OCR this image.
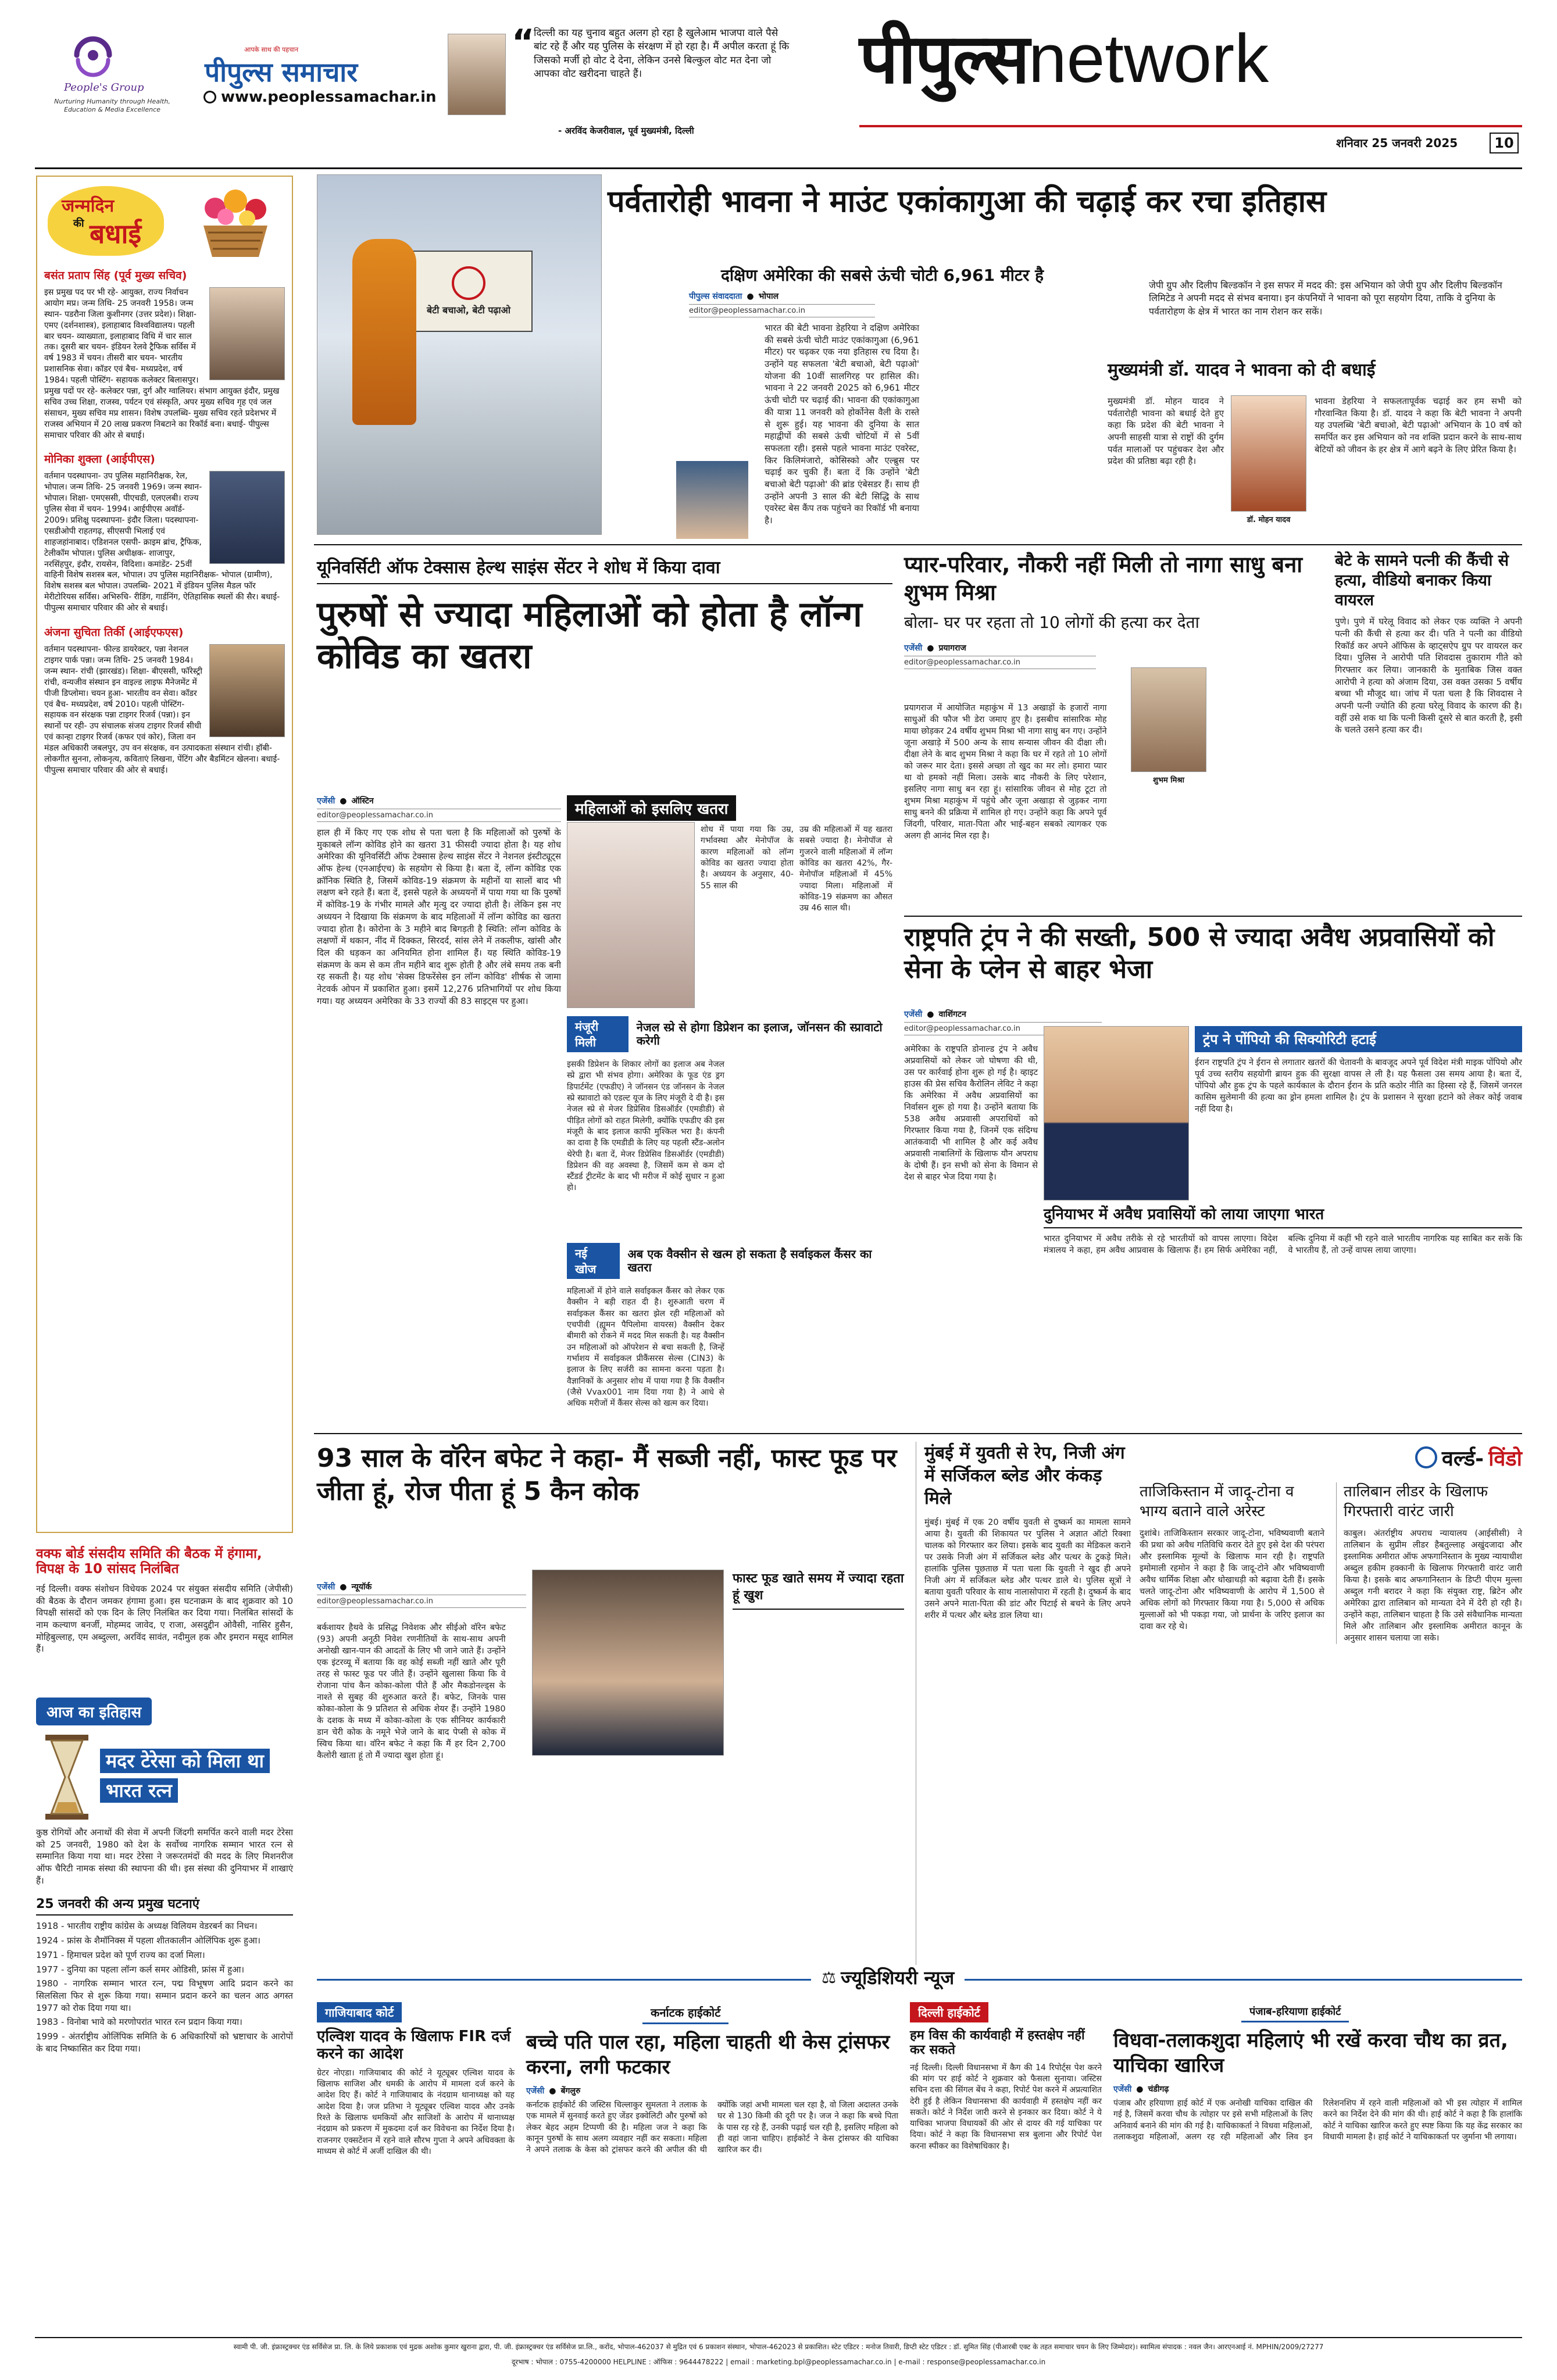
People's Group
Nurturing Humanity through Health, Education & Media Excellence
आपके साथ की पहचान
पीपुल्स समाचार
www.peoplessamachar.in
“
दिल्ली का यह चुनाव बहुत अलग हो रहा है खुलेआम भाजपा वाले पैसे बांट रहे हैं और यह पुलिस के संरक्षण में हो रहा है। मैं अपील करता हूं कि जिसको मर्जी हो वोट दे देना, लेकिन उनसे बिल्कुल वोट मत देना जो आपका वोट खरीदना चाहते हैं।
- अरविंद केजरीवाल, पूर्व मुख्यमंत्री, दिल्ली
पीपुल्स network
शनिवार 25 जनवरी 2025	10
जन्मदिन
की बधाई
बसंत प्रताप सिंह (पूर्व मुख्य सचिव)
इस प्रमुख पद पर भी रहे- आयुक्त, राज्य निर्वाचन आयोग मप्र। जन्म तिथि- 25 जनवरी 1958। जन्म स्थान- पडरौना जिला कुशीनगर (उत्तर प्रदेश)। शिक्षा- एमए (दर्शनशास्त्र), इलाहाबाद विश्वविद्यालय। पहली बार चयन- व्याख्याता, इलाहाबाद विधि में चार साल तक। दूसरी बार चयन- इंडियन रेलवे ट्रैफिक सर्विस में वर्ष 1983 में चयन। तीसरी बार चयन- भारतीय प्रशासनिक सेवा। कॉडर एवं बैच- मध्यप्रदेश, वर्ष 1984। पहली पोस्टिंग- सहायक कलेक्टर बिलासपुर। प्रमुख पदों पर रहे- कलेक्टर पन्ना, दुर्ग और ग्वालियर। संभाग आयुक्त इंदौर, प्रमुख सचिव उच्च शिक्षा, राजस्व, पर्यटन एवं संस्कृति, अपर मुख्य सचिव गृह एवं जल संसाधन, मुख्य सचिव मप्र शासन। विशेष उपलब्धि- मुख्य सचिव रहते प्रदेशभर में राजस्व अभियान में 20 लाख प्रकरण निबटाने का रिकॉर्ड बना। बधाई- पीपुल्स समाचार परिवार की ओर से बधाई।
मोनिका शुक्ला (आईपीएस)
वर्तमान पदस्थापना- उप पुलिस महानिरीक्षक, रेल, भोपाल। जन्म तिथि- 25 जनवरी 1969। जन्म स्थान- भोपाल। शिक्षा- एमएससी, पीएचडी, एलएलबी। राज्य पुलिस सेवा में चयन- 1994। आईपीएस अवॉर्ड- 2009। प्रशिक्षु पदस्थापना- इंदौर जिला। पदस्थापना- एसडीओपी राहतगढ़, सीएसपी भिलाई एवं शाहजहांनाबाद। एडिशनल एसपी- क्राइम ब्रांच, ट्रैफिक, टेलीकॉम भोपाल। पुलिस अधीक्षक- शाजापुर, नरसिंहपुर, इंदौर, रायसेन, विदिशा। कमांडेंट- 25वीं वाहिनी विशेष सशस्त्र बल, भोपाल। उप पुलिस महानिरीक्षक- भोपाल (ग्रामीण), विशेष सशस्त्र बल भोपाल। उपलब्धि- 2021 में इंडियन पुलिस मैडल फॉर मेरीटोरियस सर्विस। अभिरुचि- रीडिंग, गार्डनिंग, ऐतिहासिक स्थलों की सैर। बधाई- पीपुल्स समाचार परिवार की ओर से बधाई।
अंजना सुचिता तिर्की (आईएफएस)
वर्तमान पदस्थापना- फील्ड डायरेक्टर, पन्ना नेशनल टाइगर पार्क पन्ना। जन्म तिथि- 25 जनवरी 1984। जन्म स्थान- रांची (झारखंड)। शिक्षा- बीएससी, फॉरेस्ट्री रांची, वन्यजीव संस्थान इन वाइल्ड लाइफ मैनेजमेंट में पीजी डिप्लोमा। चयन हुआ- भारतीय वन सेवा। कॉडर एवं बैच- मध्यप्रदेश, वर्ष 2010। पहली पोस्टिंग- सहायक वन संरक्षक पन्ना टाइगर रिजर्व (पन्ना)। इन स्थानों पर रही- उप संचालक संजय टाइगर रिजर्व सीधी एवं कान्हा टाइगर रिजर्व (कफर एवं कोर), जिला वन मंडल अधिकारी जबलपुर, उप वन संरक्षक, वन उत्पादकता संस्थान रांची। हॉबी- लोकगीत सुनना, लोकनृत्य, कविताएं लिखना, पेंटिंग और बैडमिंटन खेलना। बधाई- पीपुल्स समाचार परिवार की ओर से बधाई।
वक्फ बोर्ड संसदीय समिति की बैठक में हंगामा, विपक्ष के 10 सांसद निलंबित
नई दिल्ली। वक्फ संशोधन विधेयक 2024 पर संयुक्त संसदीय समिति (जेपीसी) की बैठक के दौरान जमकर हंगामा हुआ। इस घटनाक्रम के बाद शुक्रवार को 10 विपक्षी सांसदों को एक दिन के लिए निलंबित कर दिया गया। निलंबित सांसदों के नाम कल्याण बनर्जी, मोहम्मद जावेद, ए राजा, असदुद्दीन ओवैसी, नासिर हुसैन, मोहिबुल्लाह, एम अब्दुल्ला, अरविंद सावंत, नदीमुल हक और इमरान मसूद शामिल हैं।
आज का इतिहास
मदर टेरेसा को मिला था भारत रत्न
कुष्ठ रोगियों और अनाथों की सेवा में अपनी जिंदगी समर्पित करने वाली मदर टेरेसा को 25 जनवरी, 1980 को देश के सर्वोच्च नागरिक सम्मान भारत रत्न से सम्मानित किया गया था। मदर टेरेसा ने जरूरतमंदों की मदद के लिए मिशनरीज ऑफ चैरिटी नामक संस्था की स्थापना की थी। इस संस्था की दुनियाभर में शाखाएं हैं।
25 जनवरी की अन्य प्रमुख घटनाएं
1918 - भारतीय राष्ट्रीय कांग्रेस के अध्यक्ष विलियम वेडरबर्न का निधन।
1924 - फ्रांस के शैमॉनिक्स में पहला शीतकालीन ओलिंपिक शुरू हुआ।
1971 - हिमाचल प्रदेश को पूर्ण राज्य का दर्जा मिला।
1977 - दुनिया का पहला लॉन्ग कर्ल समर ओडिसी, फ्रांस में हुआ।
1980 - नागरिक सम्मान भारत रत्न, पद्म विभूषण आदि प्रदान करने का सिलसिला फिर से शुरू किया गया। सम्मान प्रदान करने का चलन आठ अगस्त 1977 को रोक दिया गया था।
1983 - विनोबा भावे को मरणोपरांत भारत रत्न प्रदान किया गया।
1999 - अंतर्राष्ट्रीय ओलिंपिक समिति के 6 अधिकारियों को भ्रष्टाचार के आरोपों के बाद निष्कासित कर दिया गया।
पर्वतारोही भावना ने माउंट एकांकागुआ की चढ़ाई कर रचा इतिहास
बेटी बचाओ, बेटी पढ़ाओ
दक्षिण अमेरिका की सबसे ऊंची चोटी 6,961 मीटर है
पीपुल्स संवाददाता ● भोपाल
editor@peoplessamachar.co.in
भारत की बेटी भावना डेहरिया ने दक्षिण अमेरिका की सबसे ऊंची चोटी माउंट एकांकागुआ (6,961 मीटर) पर चढ़कर एक नया इतिहास रच दिया है। उन्होंने यह सफलता 'बेटी बचाओ, बेटी पढ़ाओ' योजना की 10वीं सालगिरह पर हासिल की। भावना ने 22 जनवरी 2025 को 6,961 मीटर ऊंची चोटी पर चढ़ाई की। भावना की एकांकागुआ की यात्रा 11 जनवरी को होर्कोनेस वैली के रास्ते से शुरू हुई। यह भावना की दुनिया के सात महाद्वीपों की सबसे ऊंची चोटियों में से 5वीं सफलता रही। इससे पहले भावना माउंट एवरेस्ट, किर किलिमंजारो, कोसिस्को और एल्ब्रुस पर चढ़ाई कर चुकी हैं। बता दें कि उन्होंने 'बेटी बचाओ बेटी पढ़ाओ' की ब्रांड एंबेसडर हैं। साथ ही उन्होंने अपनी 3 साल की बेटी सिद्धि के साथ एवरेस्ट बेस कैंप तक पहुंचने का रिकॉर्ड भी बनाया है।
जेपी ग्रुप और दिलीप बिल्डकॉन ने इस सफर में मदद की: इस अभियान को जेपी ग्रुप और दिलीप बिल्डकॉन लिमिटेड ने अपनी मदद से संभव बनाया। इन कंपनियों ने भावना को पूरा सहयोग दिया, ताकि वे दुनिया के पर्वतारोहण के क्षेत्र में भारत का नाम रोशन कर सकें।
मुख्यमंत्री डॉ. यादव ने भावना को दी बधाई
मुख्यमंत्री डॉ. मोहन यादव ने पर्वतारोही भावना को बधाई देते हुए कहा कि प्रदेश की बेटी भावना ने अपनी साहसी यात्रा से राष्ट्रों की दुर्गम पर्वत मालाओं पर पहुंचकर देश और प्रदेश की प्रतिष्ठा बढ़ा रही है।
डॉ. मोहन यादव
भावना डेहरिया ने सफलतापूर्वक चढ़ाई कर हम सभी को गौरवान्वित किया है। डॉ. यादव ने कहा कि बेटी भावना ने अपनी यह उपलब्धि 'बेटी बचाओ, बेटी पढ़ाओ' अभियान के 10 वर्ष को समर्पित कर इस अभियान को नव शक्ति प्रदान करने के साथ-साथ बेटियों को जीवन के हर क्षेत्र में आगे बढ़ने के लिए प्रेरित किया है।
यूनिवर्सिटी ऑफ टेक्सास हेल्थ साइंस सेंटर ने शोध में किया दावा
पुरुषों से ज्यादा महिलाओं को होता है लॉन्ग कोविड का खतरा
एजेंसी ● ऑस्टिन
editor@peoplessamachar.co.in
हाल ही में किए गए एक शोध से पता चला है कि महिलाओं को पुरुषों के मुकाबले लॉन्ग कोविड होने का खतरा 31 फीसदी ज्यादा होता है। यह शोध अमेरिका की यूनिवर्सिटी ऑफ टेक्सास हेल्थ साइंस सेंटर ने नेशनल इंस्टीट्यूट्स ऑफ हेल्थ (एनआईएच) के सहयोग से किया है। बता दें, लॉन्ग कोविड एक क्रॉनिक स्थिति है, जिसमें कोविड-19 संक्रमण के महीनों या सालों बाद भी लक्षण बने रहते हैं। बता दें, इससे पहले के अध्ययनों में पाया गया था कि पुरुषों में कोविड-19 के गंभीर मामले और मृत्यु दर ज्यादा होती है। लेकिन इस नए अध्ययन ने दिखाया कि संक्रमण के बाद महिलाओं में लॉन्ग कोविड का खतरा ज्यादा होता है। कोरोना के 3 महीने बाद बिगड़ती है स्थिति: लॉन्ग कोविड के लक्षणों में थकान, नींद में दिक्कत, सिरदर्द, सांस लेने में तकलीफ, खांसी और दिल की धड़कन का अनियमित होना शामिल हैं। यह स्थिति कोविड-19 संक्रमण के कम से कम तीन महीने बाद शुरू होती है और लंबे समय तक बनी रह सकती है। यह शोध 'सेक्स डिफरेंसेस इन लॉन्ग कोविड' शीर्षक से जामा नेटवर्क ओपन में प्रकाशित हुआ। इसमें 12,276 प्रतिभागियों पर शोध किया गया। यह अध्ययन अमेरिका के 33 राज्यों की 83 साइट्स पर हुआ।
महिलाओं को इसलिए खतरा
शोध में पाया गया कि उम्र, गर्भावस्था और मेनोपॉज के कारण महिलाओं को लॉन्ग कोविड का खतरा ज्यादा होता है। अध्ययन के अनुसार, 40-55 साल की
उम्र की महिलाओं में यह खतरा सबसे ज्यादा है। मेनोपॉज से गुजरने वाली महिलाओं में लॉन्ग कोविड का खतरा 42%, गैर-मेनोपॉज महिलाओं में 45% ज्यादा मिला। महिलाओं में कोविड-19 संक्रमण का औसत उम्र 46 साल थी।
मंजूरी मिली
नेजल स्प्रे से होगा डिप्रेशन का इलाज, जॉनसन की स्प्रावाटो करेगी
इसकी डिप्रेशन के शिकार लोगों का इलाज अब नेजल स्प्रे द्वारा भी संभव होगा। अमेरिका के फूड एंड ड्रग डिपार्टमेंट (एफडीए) ने जॉनसन एंड जॉनसन के नेजल स्प्रे स्प्रावाटो को एडल्ट यूज के लिए मंजूरी दे दी है। इस नेजल स्प्रे से मेजर डिप्रेसिव डिसऑर्डर (एमडीडी) से पीड़ित लोगों को राहत मिलेगी, क्योंकि एफडीए की इस मंजूरी के बाद इलाज काफी मुश्किल भरा है। कंपनी का दावा है कि एमडीडी के लिए यह पहली स्टैंड-अलोन थेरेपी है। बता दें, मेजर डिप्रेसिव डिसऑर्डर (एमडीडी) डिप्रेशन की वह अवस्था है, जिसमें कम से कम दो स्टैंडर्ड ट्रीटमेंट के बाद भी मरीज में कोई सुधार न हुआ हो।
नई खोज
अब एक वैक्सीन से खत्म हो सकता है सर्वाइकल कैंसर का खतरा
महिलाओं में होने वाले सर्वाइकल कैंसर को लेकर एक वैक्सीन ने बड़ी राहत दी है। शुरुआती चरण में सर्वाइकल कैंसर का खतरा झेल रही महिलाओं को एचपीवी (ह्यूमन पैपिलोमा वायरस) वैक्सीन देकर बीमारी को रोकने में मदद मिल सकती है। यह वैक्सीन उन महिलाओं को ऑपरेशन से बचा सकती है, जिन्हें गर्भाशय में सर्वाइकल प्रीकैंसरस सेल्स (CIN3) के इलाज के लिए सर्जरी का सामना करना पड़ता है। वैज्ञानिकों के अनुसार शोध में पाया गया है कि वैक्सीन (जैसे Vvax001 नाम दिया गया है) ने आधे से अधिक मरीजों में कैंसर सेल्स को खत्म कर दिया।
प्यार-परिवार, नौकरी नहीं मिली तो नागा साधु बना शुभम मिश्रा
बोला- घर पर रहता तो 10 लोगों की हत्या कर देता
एजेंसी ● प्रयागराज
editor@peoplessamachar.co.in
शुभम मिश्रा
प्रयागराज में आयोजित महाकुंभ में 13 अखाड़ों के हजारों नागा साधुओं की फौज भी डेरा जमाए हुए है। इसबीच सांसारिक मोह माया छोड़कर 24 वर्षीय शुभम मिश्रा भी नागा साधु बन गए। उन्होंने जूना अखाड़े में 500 अन्य के साथ सन्यास जीवन की दीक्षा ली। दीक्षा लेने के बाद शुभम मिश्रा ने कहा कि घर में रहते तो 10 लोगों को जरूर मार देता। इससे अच्छा तो खुद का मर लो। हमारा प्यार था वो हमको नहीं मिला। उसके बाद नौकरी के लिए परेशान, इसलिए नागा साधु बन रहा हूं। सांसारिक जीवन से मोह टूटा तो शुभम मिश्रा महाकुंभ में पहुंचे और जूना अखाड़ा से जुड़कर नागा साधु बनने की प्रक्रिया में शामिल हो गए। उन्होंने कहा कि अपने पूर्व जिंदगी, परिवार, माता-पिता और भाई-बहन सबको त्यागकर एक अलग ही आनंद मिल रहा है।
बेटे के सामने पत्नी की कैंची से हत्या, वीडियो बनाकर किया वायरल
पुणे। पुणे में घरेलू विवाद को लेकर एक व्यक्ति ने अपनी पत्नी की कैंची से हत्या कर दी। पति ने पत्नी का वीडियो रिकॉर्ड कर अपने ऑफिस के व्हाट्सऐप ग्रुप पर वायरल कर दिया। पुलिस ने आरोपी पति शिवदास तुकाराम गीते को गिरफ्तार कर लिया। जानकारी के मुताबिक जिस वक्त आरोपी ने हत्या को अंजाम दिया, उस वक्त उसका 5 वर्षीय बच्चा भी मौजूद था। जांच में पता चला है कि शिवदास ने अपनी पत्नी ज्योति की हत्या घरेलू विवाद के कारण की है। वहीं उसे शक था कि पत्नी किसी दूसरे से बात करती है, इसी के चलते उसने हत्या कर दी।
राष्ट्रपति ट्रंप ने की सख्ती, 500 से ज्यादा अवैध अप्रवासियों को सेना के प्लेन से बाहर भेजा
एजेंसी ● वाशिंगटन
editor@peoplessamachar.co.in
अमेरिका के राष्ट्रपति डोनाल्ड ट्रंप ने अवैध अप्रवासियों को लेकर जो घोषणा की थी, उस पर कार्रवाई होना शुरू हो गई है। व्हाइट हाउस की प्रेस सचिव कैरोलिन लेविट ने कहा कि अमेरिका में अवैध अप्रवासियों का निर्वासन शुरू हो गया है। उन्होंने बताया कि 538 अवैध अप्रवासी अपराधियों को गिरफ्तार किया गया है, जिनमें एक संदिग्ध आतंकवादी भी शामिल है और कई अवैध अप्रवासी नाबालिगों के खिलाफ यौन अपराध के दोषी हैं। इन सभी को सेना के विमान से देश से बाहर भेज दिया गया है।
ट्रंप ने पोंपियो की सिक्योरिटी हटाई
ईरान राष्ट्रपति ट्रंप ने ईरान से लगातार खतरों की चेतावनी के बावजूद अपने पूर्व विदेश मंत्री माइक पोंपियो और पूर्व उच्च स्तरीय सहयोगी ब्रायन हुक की सुरक्षा वापस ले ली है। यह फैसला उस समय आया है। बता दें, पोंपियो और हुक ट्रंप के पहले कार्यकाल के दौरान ईरान के प्रति कठोर नीति का हिस्सा रहे हैं, जिसमें जनरल कासिम सुलेमानी की हत्या का ड्रोन हमला शामिल है। ट्रंप के प्रशासन ने सुरक्षा हटाने को लेकर कोई जवाब नहीं दिया है।
दुनियाभर में अवैध प्रवासियों को लाया जाएगा भारत
भारत दुनियाभर में अवैध तरीके से रहे भारतीयों को वापस लाएगा। विदेश मंत्रालय ने कहा, हम अवैध आप्रवास के खिलाफ हैं। हम सिर्फ अमेरिका नहीं, बल्कि दुनिया में कहीं भी रहने वाले भारतीय नागरिक यह साबित कर सकें कि वे भारतीय हैं, तो उन्हें वापस लाया जाएगा।
93 साल के वॉरेन बफेट ने कहा- मैं सब्जी नहीं, फास्ट फूड पर जीता हूं, रोज पीता हूं 5 कैन कोक
एजेंसी ● न्यूयॉर्क
editor@peoplessamachar.co.in
फास्ट फूड खाते समय में ज्यादा रहता हूं खुश
बर्कशायर हैथवे के प्रसिद्ध निवेशक और सीईओ वॉरेन बफेट (93) अपनी अनूठी निवेश रणनीतियों के साथ-साथ अपनी अनोखी खान-पान की आदतों के लिए भी जाने जाते हैं। उन्होंने एक इंटरव्यू में बताया कि वह कोई सब्जी नहीं खाते और पूरी तरह से फास्ट फूड पर जीते हैं। उन्होंने खुलासा किया कि वे रोजाना पांच कैन कोका-कोला पीते हैं और मैकडोनल्ड्स के नाश्ते से सुबह की शुरुआत करते हैं। बफेट, जिनके पास कोका-कोला के 9 प्रतिशत से अधिक शेयर हैं। उन्होंने 1980 के दशक के मध्य में कोका-कोला के एक सीनियर कार्यकारी डान चेरी कोक के नमूने भेजे जाने के बाद पेप्सी से कोक में स्विच किया था। वॉरेन बफेट ने कहा कि मैं हर दिन 2,700 कैलोरी खाता हूं तो मैं ज्यादा खुश होता हूं।
मुंबई में युवती से रेप, निजी अंग में सर्जिकल ब्लेड और कंकड़ मिले
मुंबई। मुंबई में एक 20 वर्षीय युवती से दुष्कर्म का मामला सामने आया है। युवती की शिकायत पर पुलिस ने अज्ञात ऑटो रिक्शा चालक को गिरफ्तार कर लिया। इसके बाद युवती का मेडिकल कराने पर उसके निजी अंग में सर्जिकल ब्लेड और पत्थर के टुकड़े मिले। हालांकि पुलिस पूछताछ में पता चला कि युवती ने खुद ही अपने निजी अंग में सर्जिकल ब्लेड और पत्थर डाले थे। पुलिस सूत्रों ने बताया युवती परिवार के साथ नालासोपारा में रहती है। दुष्कर्म के बाद उसने अपने माता-पिता की डांट और पिटाई से बचने के लिए अपने शरीर में पत्थर और ब्लेड डाल लिया था।
वर्ल्ड- विंडो
ताजिकिस्तान में जादू-टोना व भाग्य बताने वाले अरेस्ट
दुशांबे। ताजिकिस्तान सरकार जादू-टोना, भविष्यवाणी बताने की प्रथा को अवैध गतिविधि करार देते हुए इसे देश की परंपरा और इस्लामिक मूल्यों के खिलाफ मान रही है। राष्ट्रपति इमोमाली रहमोन ने कहा है कि जादू-टोने और भविष्यवाणी अवैध धार्मिक शिक्षा और धोखाधड़ी को बढ़ावा देती हैं। इसके चलते जादू-टोना और भविष्यवाणी के आरोप में 1,500 से अधिक लोगों को गिरफ्तार किया गया है। 5,000 से अधिक मुल्लाओं को भी पकड़ा गया, जो प्रार्थना के जरिए इलाज का दावा कर रहे थे।
तालिबान लीडर के खिलाफ गिरफ्तारी वारंट जारी
काबुल। अंतर्राष्ट्रीय अपराध न्यायालय (आईसीसी) ने तालिबान के सुप्रीम लीडर हैबतुल्लाह अखुंदजादा और इस्लामिक अमीरात ऑफ अफगानिस्तान के मुख्य न्यायाधीश अब्दुल हकीम हक्कानी के खिलाफ गिरफ्तारी वारंट जारी किया है। इसके बाद अफगानिस्तान के डिप्टी पीएम मुल्ला अब्दुल गनी बरादर ने कहा कि संयुक्त राष्ट्र, ब्रिटेन और अमेरिका द्वारा तालिबान को मान्यता देने में देरी हो रही है। उन्होंने कहा, तालिबान चाहता है कि उसे संवैधानिक मान्यता मिले और तालिबान और इस्लामिक अमीरात कानून के अनुसार शासन चलाया जा सके।
⚖ ज्यूडिशियरी न्यूज
गाजियाबाद कोर्ट
एल्विश यादव के खिलाफ FIR दर्ज करने का आदेश
ग्रेटर नोएडा। गाजियाबाद की कोर्ट ने यूट्यूबर एल्विश यादव के खिलाफ साजिश और धमकी के आरोप में मामला दर्ज करने के आदेश दिए हैं। कोर्ट ने गाजियाबाद के नंदग्राम थानाध्यक्ष को यह आदेश दिया है। जज प्रतिभा ने यूट्यूबर एल्विश यादव और उनके रिश्ते के खिलाफ धमकियों और साजिशों के आरोप में थानाध्यक्ष नंदग्राम को प्रकरण में मुकदमा दर्ज कर विवेचना का निर्देश दिया है। राजनगर एक्सटेंशन में रहने वाले सौरभ गुप्ता ने अपने अधिवक्ता के माध्यम से कोर्ट में अर्जी दाखिल की थी।
कर्नाटक हाईकोर्ट
बच्चे पति पाल रहा, महिला चाहती थी केस ट्रांसफर करना, लगी फटकार
एजेंसी ● बेंगलुरु
कर्नाटक हाईकोर्ट की जस्टिस चिल्लाकुर सुमलता ने तलाक के एक मामले में सुनवाई करते हुए जेंडर इक्वेलिटी और पुरुषों को लेकर बेहद अहम टिप्पणी की है। महिला जज ने कहा कि कानून पुरुषों के साथ अलग व्यवहार नहीं कर सकता। महिला ने अपने तलाक के केस को ट्रांसफर करने की अपील की थी क्योंकि जहां अभी मामला चल रहा है, वो जिला अदालत उनके घर से 130 किमी की दूरी पर है। जज ने कहा कि बच्चे पिता के पास रह रहे हैं, उनकी पढ़ाई चल रही है, इसलिए महिला को ही वहां जाना चाहिए। हाईकोर्ट ने केस ट्रांसफर की याचिका खारिज कर दी।
दिल्ली हाईकोर्ट
हम विस की कार्यवाही में हस्तक्षेप नहीं कर सकते
नई दिल्ली। दिल्ली विधानसभा में कैग की 14 रिपोर्ट्स पेश करने की मांग पर हाई कोर्ट ने शुक्रवार को फैसला सुनाया। जस्टिस सचिन दत्ता की सिंगल बेंच ने कहा, रिपोर्ट पेश करने में अप्रत्याशित देरी हुई है लेकिन विधानसभा की कार्यवाही में हस्तक्षेप नहीं कर सकते। कोर्ट ने निर्देश जारी करने से इनकार कर दिया। कोर्ट ने ये याचिका भाजपा विधायकों की ओर से दायर की गई याचिका पर दिया। कोर्ट ने कहा कि विधानसभा सत्र बुलाना और रिपोर्ट पेश करना स्पीकर का विशेषाधिकार है।
पंजाब-हरियाणा हाईकोर्ट
विधवा-तलाकशुदा महिलाएं भी रखें करवा चौथ का व्रत, याचिका खारिज
एजेंसी ● चंडीगढ़
पंजाब और हरियाणा हाई कोर्ट में एक अनोखी याचिका दाखिल की गई है, जिसमें करवा चौथ के त्योहार पर इसे सभी महिलाओं के लिए अनिवार्य बनाने की मांग की गई है। याचिकाकर्ता ने विधवा महिलाओं, तलाकशुदा महिलाओं, अलग रह रही महिलाओं और लिव इन रिलेशनशिप में रहने वाली महिलाओं को भी इस त्योहार में शामिल करने का निर्देश देने की मांग की थी। हाई कोर्ट ने कहा है कि हालांकि कोर्ट ने याचिका खारिज करते हुए स्पष्ट किया कि यह केंद्र सरकार का विधायी मामला है। हाई कोर्ट ने याचिकाकर्ता पर जुर्माना भी लगाया।
स्वामी पी. जी. इंफ्रास्ट्रक्चर एंड सर्विसेज प्रा. लि. के लिये प्रकाशक एवं मुद्रक अशोक कुमार खुराना द्वारा, पी. जी. इंफ्रास्ट्रक्चर एंड सर्विसेज प्रा.लि., करोंद, भोपाल-462037 से मुद्रित एवं 6 प्रकाशन संस्थान, भोपाल-462023 से प्रकाशित। स्टेट एडिटर : मनोज तिवारी, डिप्टी स्टेट एडिटर : डॉ. सुमित सिंह (पीआरबी एक्ट के तहत समाचार चयन के लिए जिम्मेदार)। स्वामित्व संपादक : नवल जैन। आरएनआई नं. MPHIN/2009/27277
दूरभाष : भोपाल : 0755-4200000 HELPLINE : ऑफिस : 9644478222 | email : marketing.bpl@peoplessamachar.co.in | e-mail : response@peoplessamachar.co.in
